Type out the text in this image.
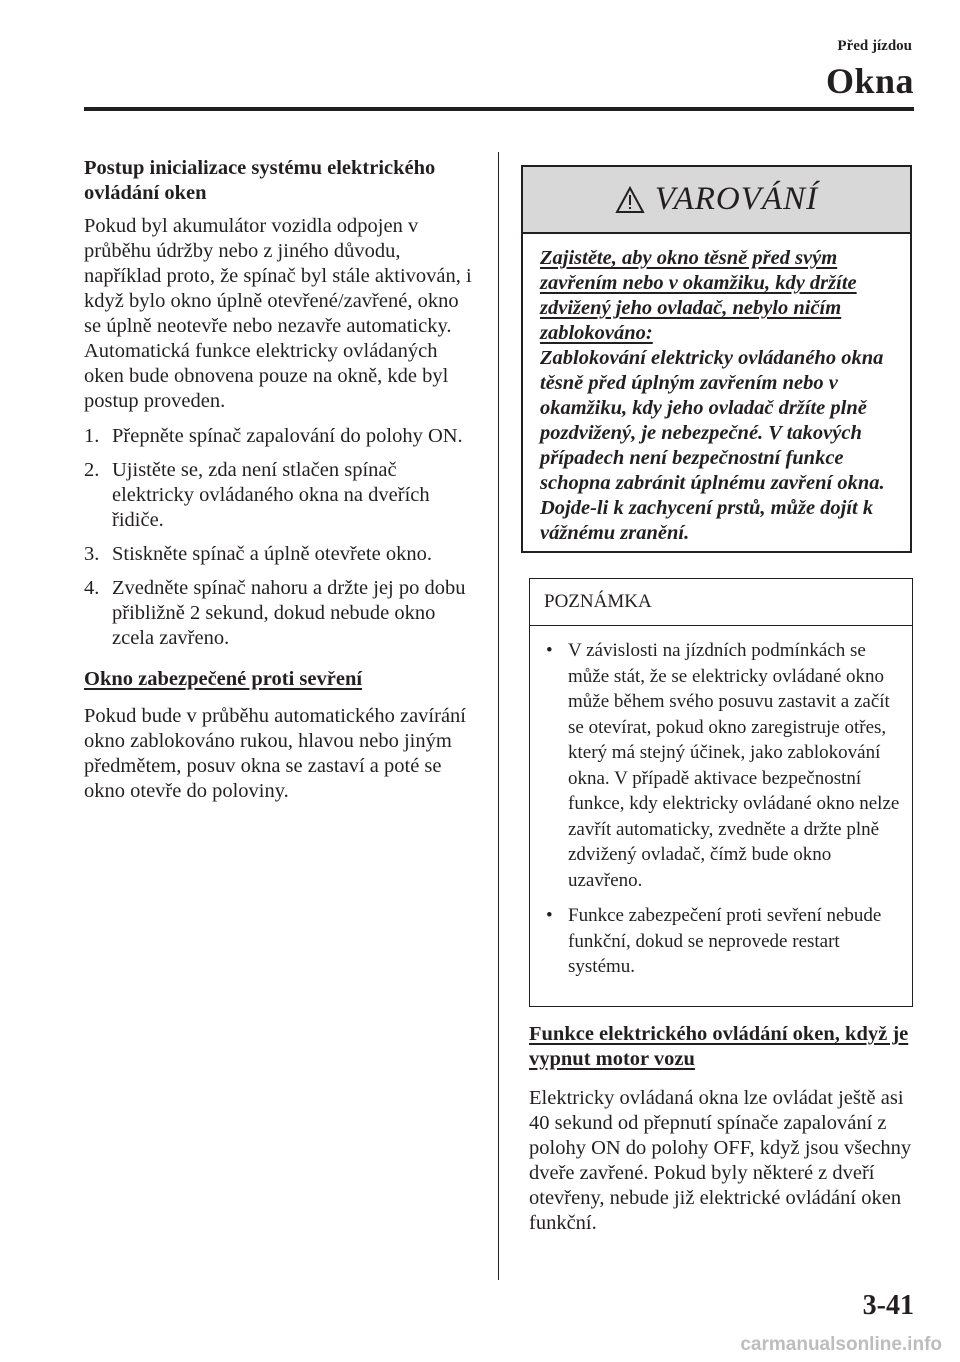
Před jízdou
Okna

Postup inicializace systému elektrického ovládání oken

Pokud byl akumulátor vozidla odpojen v průběhu údržby nebo z jiného důvodu, například proto, že spínač byl stále aktivován, i když bylo okno úplně otevřené/zavřené, okno se úplně neotevře nebo nezavře automaticky.

Automatická funkce elektricky ovládaných oken bude obnovena pouze na okně, kde byl postup proveden.

1. Přepněte spínač zapalování do polohy ON.
2. Ujistěte se, zda není stlačen spínač elektricky ovládaného okna na dveřích řidiče.
3. Stiskněte spínač a úplně otevřete okno.
4. Zvedněte spínač nahoru a držte jej po dobu přibližně 2 sekund, dokud nebude okno zcela zavřeno.

Okno zabezpečené proti sevření

Pokud bude v průběhu automatického zavírání okno zablokováno rukou, hlavou nebo jiným předmětem, posuv okna se zastaví a poté se okno otevře do poloviny.

VAROVÁNÍ
Zajistěte, aby okno těsně před svým zavřením nebo v okamžiku, kdy držíte zdvižený jeho ovladač, nebylo ničím zablokováno:
Zablokování elektricky ovládaného okna těsně před úplným zavřením nebo v okamžiku, kdy jeho ovladač držíte plně pozdvižený, je nebezpečné. V takových případech není bezpečnostní funkce schopna zabránit úplnému zavření okna. Dojde-li k zachycení prstů, může dojít k vážnému zranění.
POZNÁMKA
• V závislosti na jízdních podmínkách se může stát, že se elektricky ovládané okno může během svého posuvu zastavit a začít se otevírat, pokud okno zaregistruje otřes, který má stejný účinek, jako zablokování okna. V případě aktivace bezpečnostní funkce, kdy elektricky ovládané okno nelze zavřít automaticky, zvedněte a držte plně zdvižený ovladač, čímž bude okno uzavřeno.
• Funkce zabezpečení proti sevření nebude funkční, dokud se neprovede restart systému.

Funkce elektrického ovládání oken, když je vypnut motor vozu

Elektricky ovládaná okna lze ovládat ještě asi 40 sekund od přepnutí spínače zapalování z polohy ON do polohy OFF, když jsou všechny dveře zavřené. Pokud byly některé z dveří otevřeny, nebude již elektrické ovládání oken funkční.

3-41
carmanualsonline.info
